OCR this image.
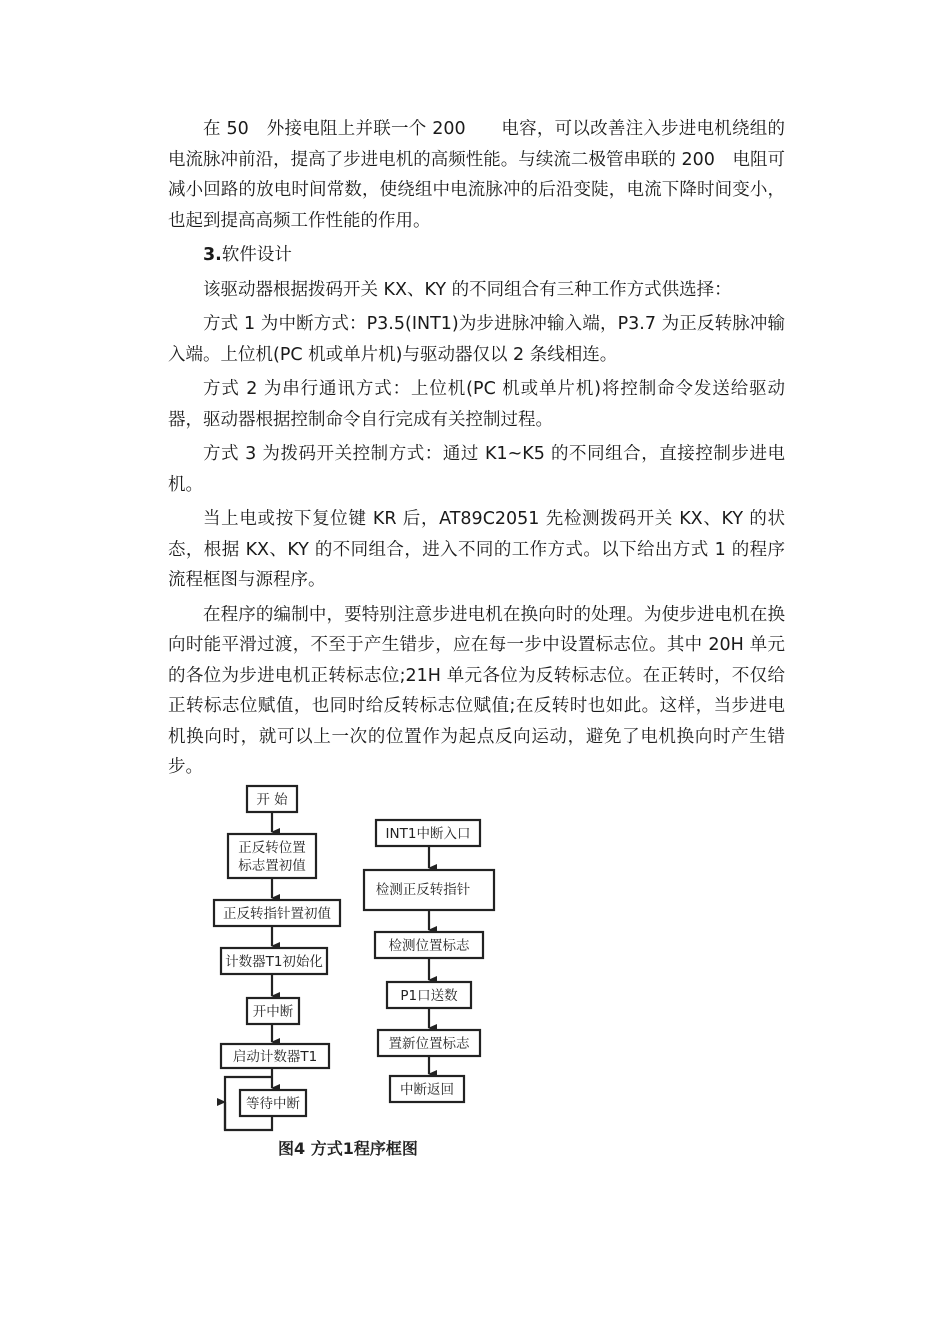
在 50　外接电阻上并联一个 200　　电容，可以改善注入步进电机绕组的电流脉冲前沿，提高了步进电机的高频性能。与续流二极管串联的 200　电阻可减小回路的放电时间常数，使绕组中电流脉冲的后沿变陡，电流下降时间变小，也起到提高高频工作性能的作用。

3.软件设计

该驱动器根据拨码开关 KX、KY 的不同组合有三种工作方式供选择：

方式 1 为中断方式：P3.5(INT1)为步进脉冲输入端，P3.7 为正反转脉冲输入端。上位机(PC 机或单片机)与驱动器仅以 2 条线相连。

方式 2 为串行通讯方式：上位机(PC 机或单片机)将控制命令发送给驱动器，驱动器根据控制命令自行完成有关控制过程。

方式 3 为拨码开关控制方式：通过 K1~K5 的不同组合，直接控制步进电机。

当上电或按下复位键 KR 后，AT89C2051 先检测拨码开关 KX、KY 的状态，根据 KX、KY 的不同组合，进入不同的工作方式。以下给出方式 1 的程序流程框图与源程序。

在程序的编制中，要特别注意步进电机在换向时的处理。为使步进电机在换向时能平滑过渡，不至于产生错步，应在每一步中设置标志位。其中 20H 单元的各位为步进电机正转标志位;21H 单元各位为反转标志位。在正转时，不仅给正转标志位赋值，也同时给反转标志位赋值;在反转时也如此。这样，当步进电机换向时，就可以上一次的位置作为起点反向运动，避免了电机换向时产生错步。

开 始
正反转位置
标志置初值
正反转指针置初值
计数器T1初始化
开中断
启动计数器T1
等待中断
INT1中断入口
检测正反转指针
检测位置标志
P1口送数
置新位置标志
中断返回
图4 方式1程序框图
